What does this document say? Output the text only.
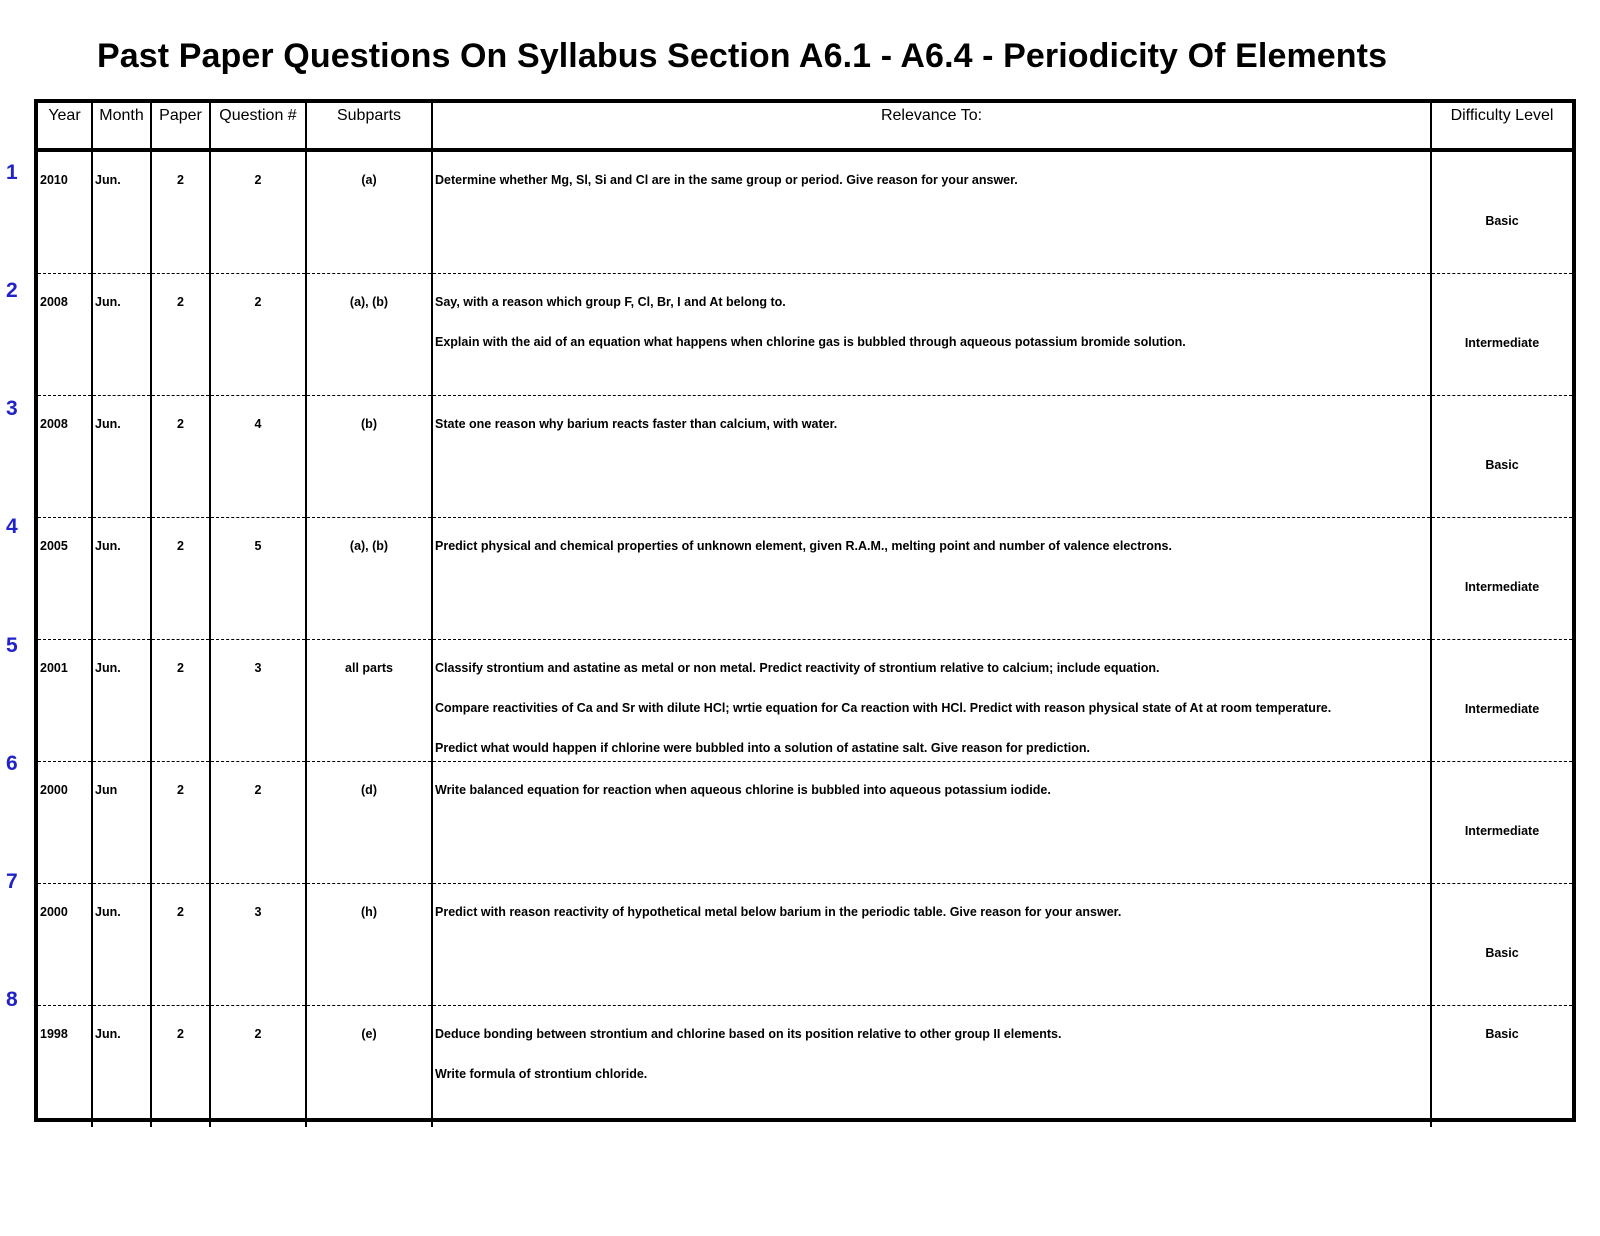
Past Paper Questions On Syllabus Section A6.1 - A6.4 - Periodicity Of Elements
1
2
3
4
5
6
7
8
Year	Month	Paper	Question #	Subparts	Relevance To:	Difficulty Level

2010	Jun.	2	2	(a)	Determine whether Mg, Sl, Si and Cl are in the same group or period. Give reason for your answer.	Basic

2008	Jun.	2	2	(a), (b)	Say, with a reason which group F, Cl, Br, I and At belong to.
Explain with the aid of an equation what happens when chlorine gas is bubbled through aqueous potassium bromide solution.	Intermediate

2008	Jun.	2	4	(b)	State one reason why barium reacts faster than calcium, with water.	Basic

2005	Jun.	2	5	(a), (b)	Predict physical and chemical properties of unknown element, given R.A.M., melting point and number of valence electrons.	Intermediate

2001	Jun.	2	3	all parts	Classify strontium and astatine as metal or non metal. Predict reactivity of strontium relative to calcium; include equation.
Compare reactivities of Ca and Sr with dilute HCl; wrtie equation for Ca reaction with HCl. Predict with reason physical state of At at room temperature.
Predict what would happen if chlorine were bubbled into a solution of astatine salt. Give reason for prediction.	Intermediate

2000	Jun	2	2	(d)	Write balanced equation for reaction when aqueous chlorine is bubbled into aqueous potassium iodide.	Intermediate

2000	Jun.	2	3	(h)	Predict with reason reactivity of hypothetical metal below barium in the periodic table. Give reason for your answer.	Basic

1998	Jun.	2	2	(e)	Deduce bonding between strontium and chlorine based on its position relative to other group II elements.
Write formula of strontium chloride.	Basic
